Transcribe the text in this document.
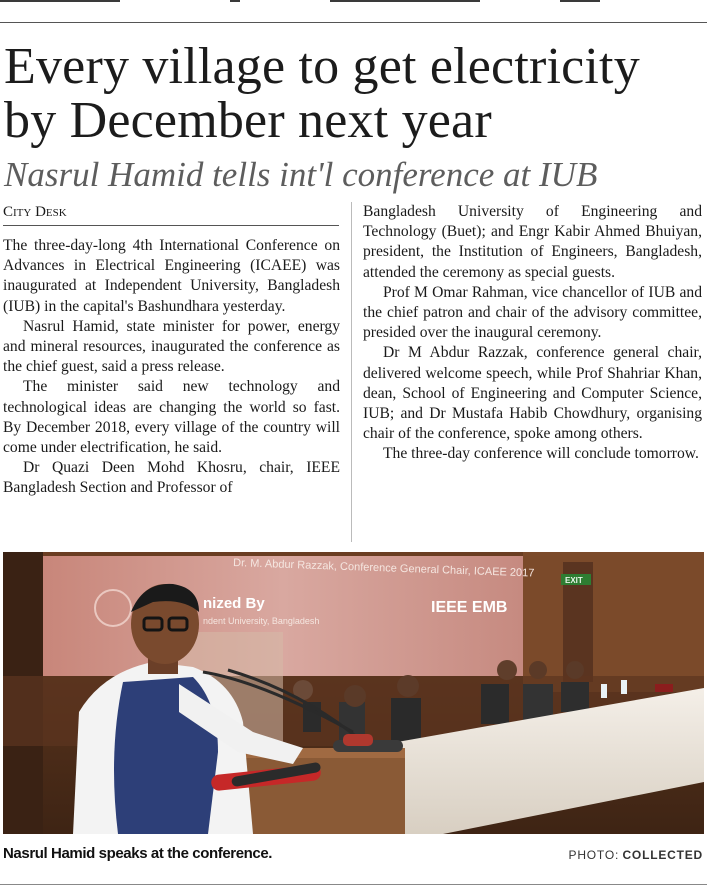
Every village to get electricity by December next year
Nasrul Hamid tells int'l conference at IUB
City Desk

The three-day-long 4th International Conference on Advances in Electrical Engineering (ICAEE) was inaugurated at Independent University, Bangladesh (IUB) in the capital's Bashundhara yesterday.

Nasrul Hamid, state minister for power, energy and mineral resources, inaugurated the conference as the chief guest, said a press release.

The minister said new technology and technological ideas are changing the world so fast. By December 2018, every village of the country will come under electrification, he said.

Dr Quazi Deen Mohd Khosru, chair, IEEE Bangladesh Section and Professor of

Bangladesh University of Engineering and Technology (Buet); and Engr Kabir Ahmed Bhuiyan, president, the Institution of Engineers, Bangladesh, attended the ceremony as special guests.

Prof M Omar Rahman, vice chancellor of IUB and the chief patron and chair of the advisory committee, presided over the inaugural ceremony.

Dr M Abdur Razzak, conference general chair, delivered welcome speech, while Prof Shahriar Khan, dean, School of Engineering and Computer Science, IUB; and Dr Mustafa Habib Chowdhury, organising chair of the conference, spoke among others.

The three-day conference will conclude tomorrow.

Dr. M. Abdur Razzak, Conference General Chair, ICAEE 2017
nized By
ndent University, Bangladesh
IEEE EMB
EXIT
Nasrul Hamid speaks at the conference.	PHOTO: COLLECTED
